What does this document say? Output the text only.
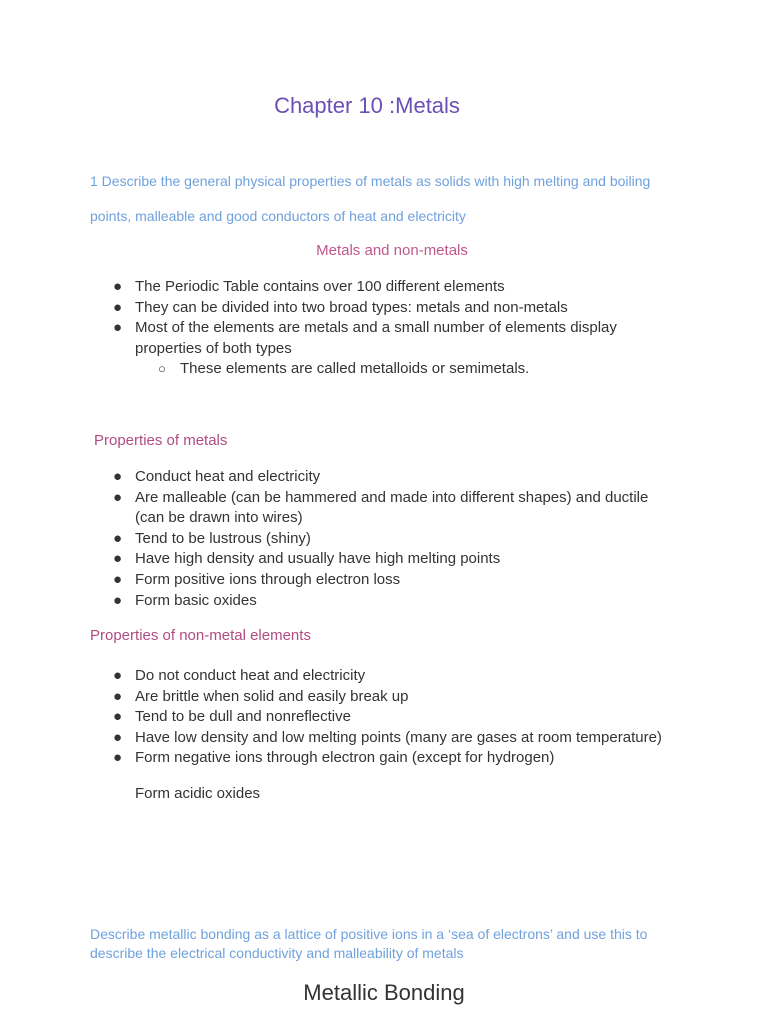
Chapter 10 :Metals
1 Describe the general physical properties of metals as solids with high melting and boiling
points, malleable and good conductors of heat and electricity
Metals and non-metals
● The Periodic Table contains over 100 different elements
● They can be divided into two broad types: metals and non-metals
● Most of the elements are metals and a small number of elements display properties of both types
○ These elements are called metalloids or semimetals.
Properties of metals
● Conduct heat and electricity
● Are malleable (can be hammered and made into different shapes) and ductile (can be drawn into wires)
● Tend to be lustrous (shiny)
● Have high density and usually have high melting points
● Form positive ions through electron loss
● Form basic oxides
Properties of non-metal elements
● Do not conduct heat and electricity
● Are brittle when solid and easily break up
● Tend to be dull and nonreflective
● Have low density and low melting points (many are gases at room temperature)
● Form negative ions through electron gain (except for hydrogen)
Form acidic oxides
Describe metallic bonding as a lattice of positive ions in a ‘sea of electrons’ and use this to
describe the electrical conductivity and malleability of metals
Metallic Bonding
